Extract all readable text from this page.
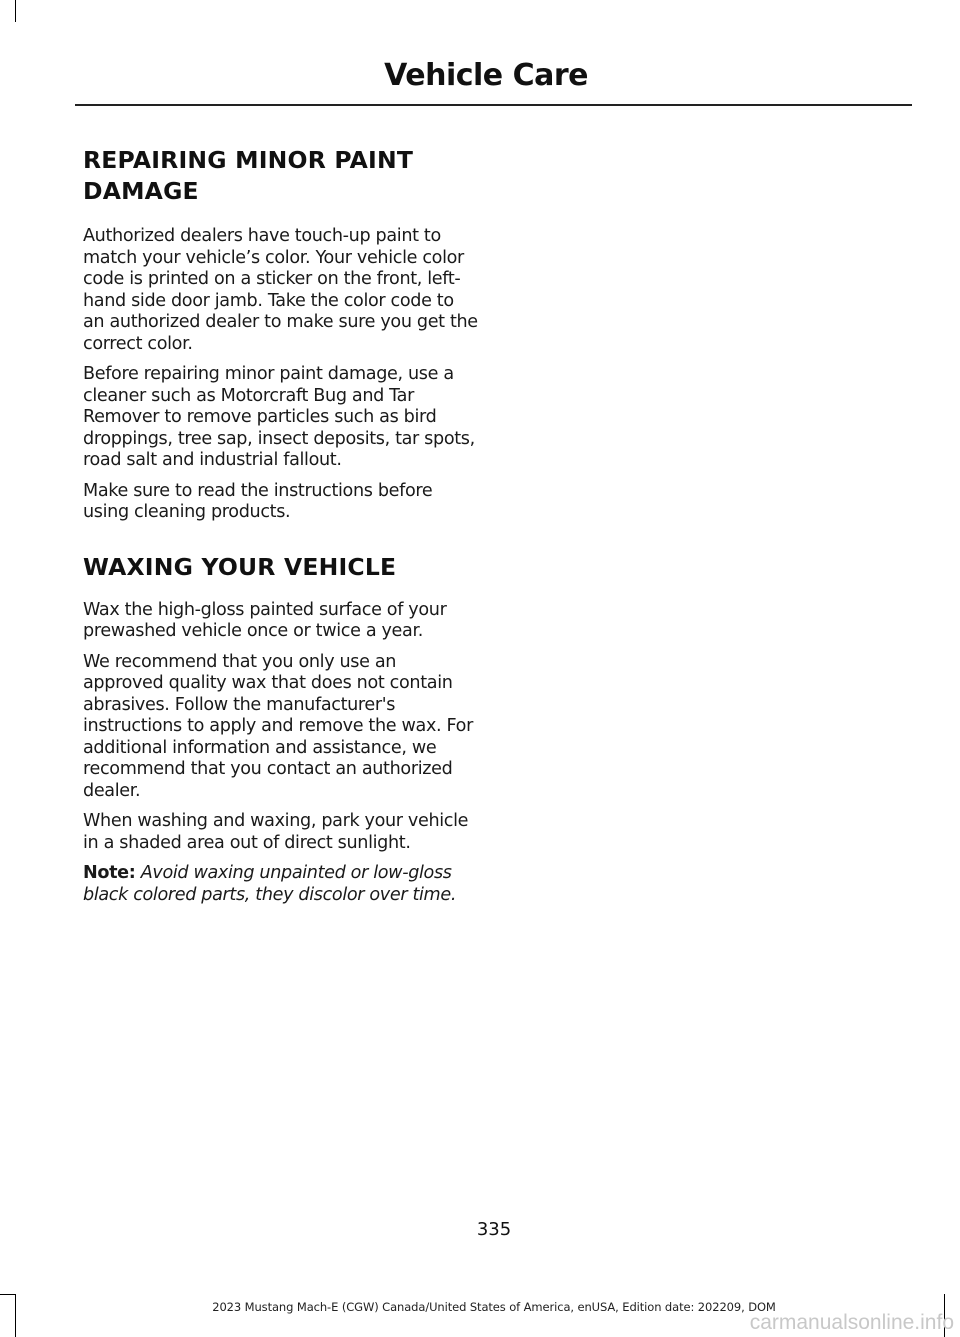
Vehicle Care
REPAIRING MINOR PAINT DAMAGE

Authorized dealers have touch-up paint to match your vehicle’s color. Your vehicle color code is printed on a sticker on the front, left-hand side door jamb. Take the color code to an authorized dealer to make sure you get the correct color.

Before repairing minor paint damage, use a cleaner such as Motorcraft Bug and Tar Remover to remove particles such as bird droppings, tree sap, insect deposits, tar spots, road salt and industrial fallout.

Make sure to read the instructions before using cleaning products.

WAXING YOUR VEHICLE

Wax the high-gloss painted surface of your prewashed vehicle once or twice a year.

We recommend that you only use an approved quality wax that does not contain abrasives. Follow the manufacturer's instructions to apply and remove the wax. For additional information and assistance, we recommend that you contact an authorized dealer.

When washing and waxing, park your vehicle in a shaded area out of direct sunlight.

Note: Avoid waxing unpainted or low-gloss black colored parts, they discolor over time.

335
2023 Mustang Mach-E (CGW) Canada/United States of America, enUSA, Edition date: 202209, DOM
carmanualsonline.info
